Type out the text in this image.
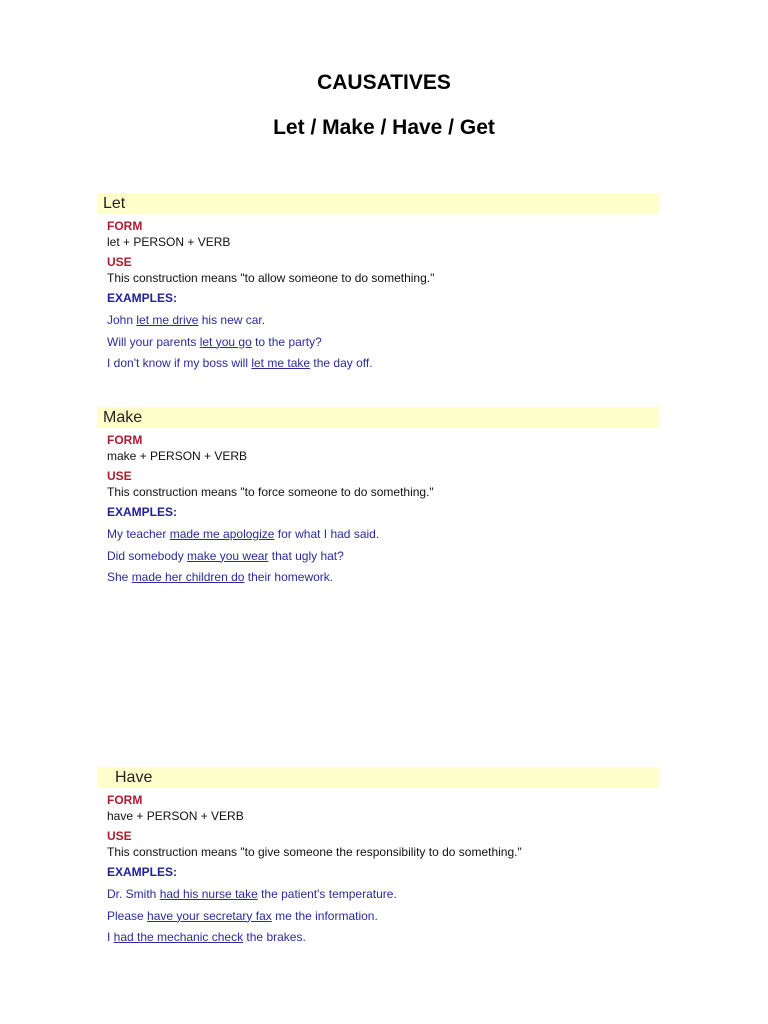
CAUSATIVES
Let / Make / Have / Get
Let
FORM
let + PERSON + VERB
USE
This construction means "to allow someone to do something."
EXAMPLES:
John let me drive his new car.
Will your parents let you go to the party?
I don't know if my boss will let me take the day off.
Make
FORM
make + PERSON + VERB
USE
This construction means "to force someone to do something."
EXAMPLES:
My teacher made me apologize for what I had said.
Did somebody make you wear that ugly hat?
She made her children do their homework.
Have
FORM
have + PERSON + VERB
USE
This construction means "to give someone the responsibility to do something."
EXAMPLES:
Dr. Smith had his nurse take the patient's temperature.
Please have your secretary fax me the information.
I had the mechanic check the brakes.
